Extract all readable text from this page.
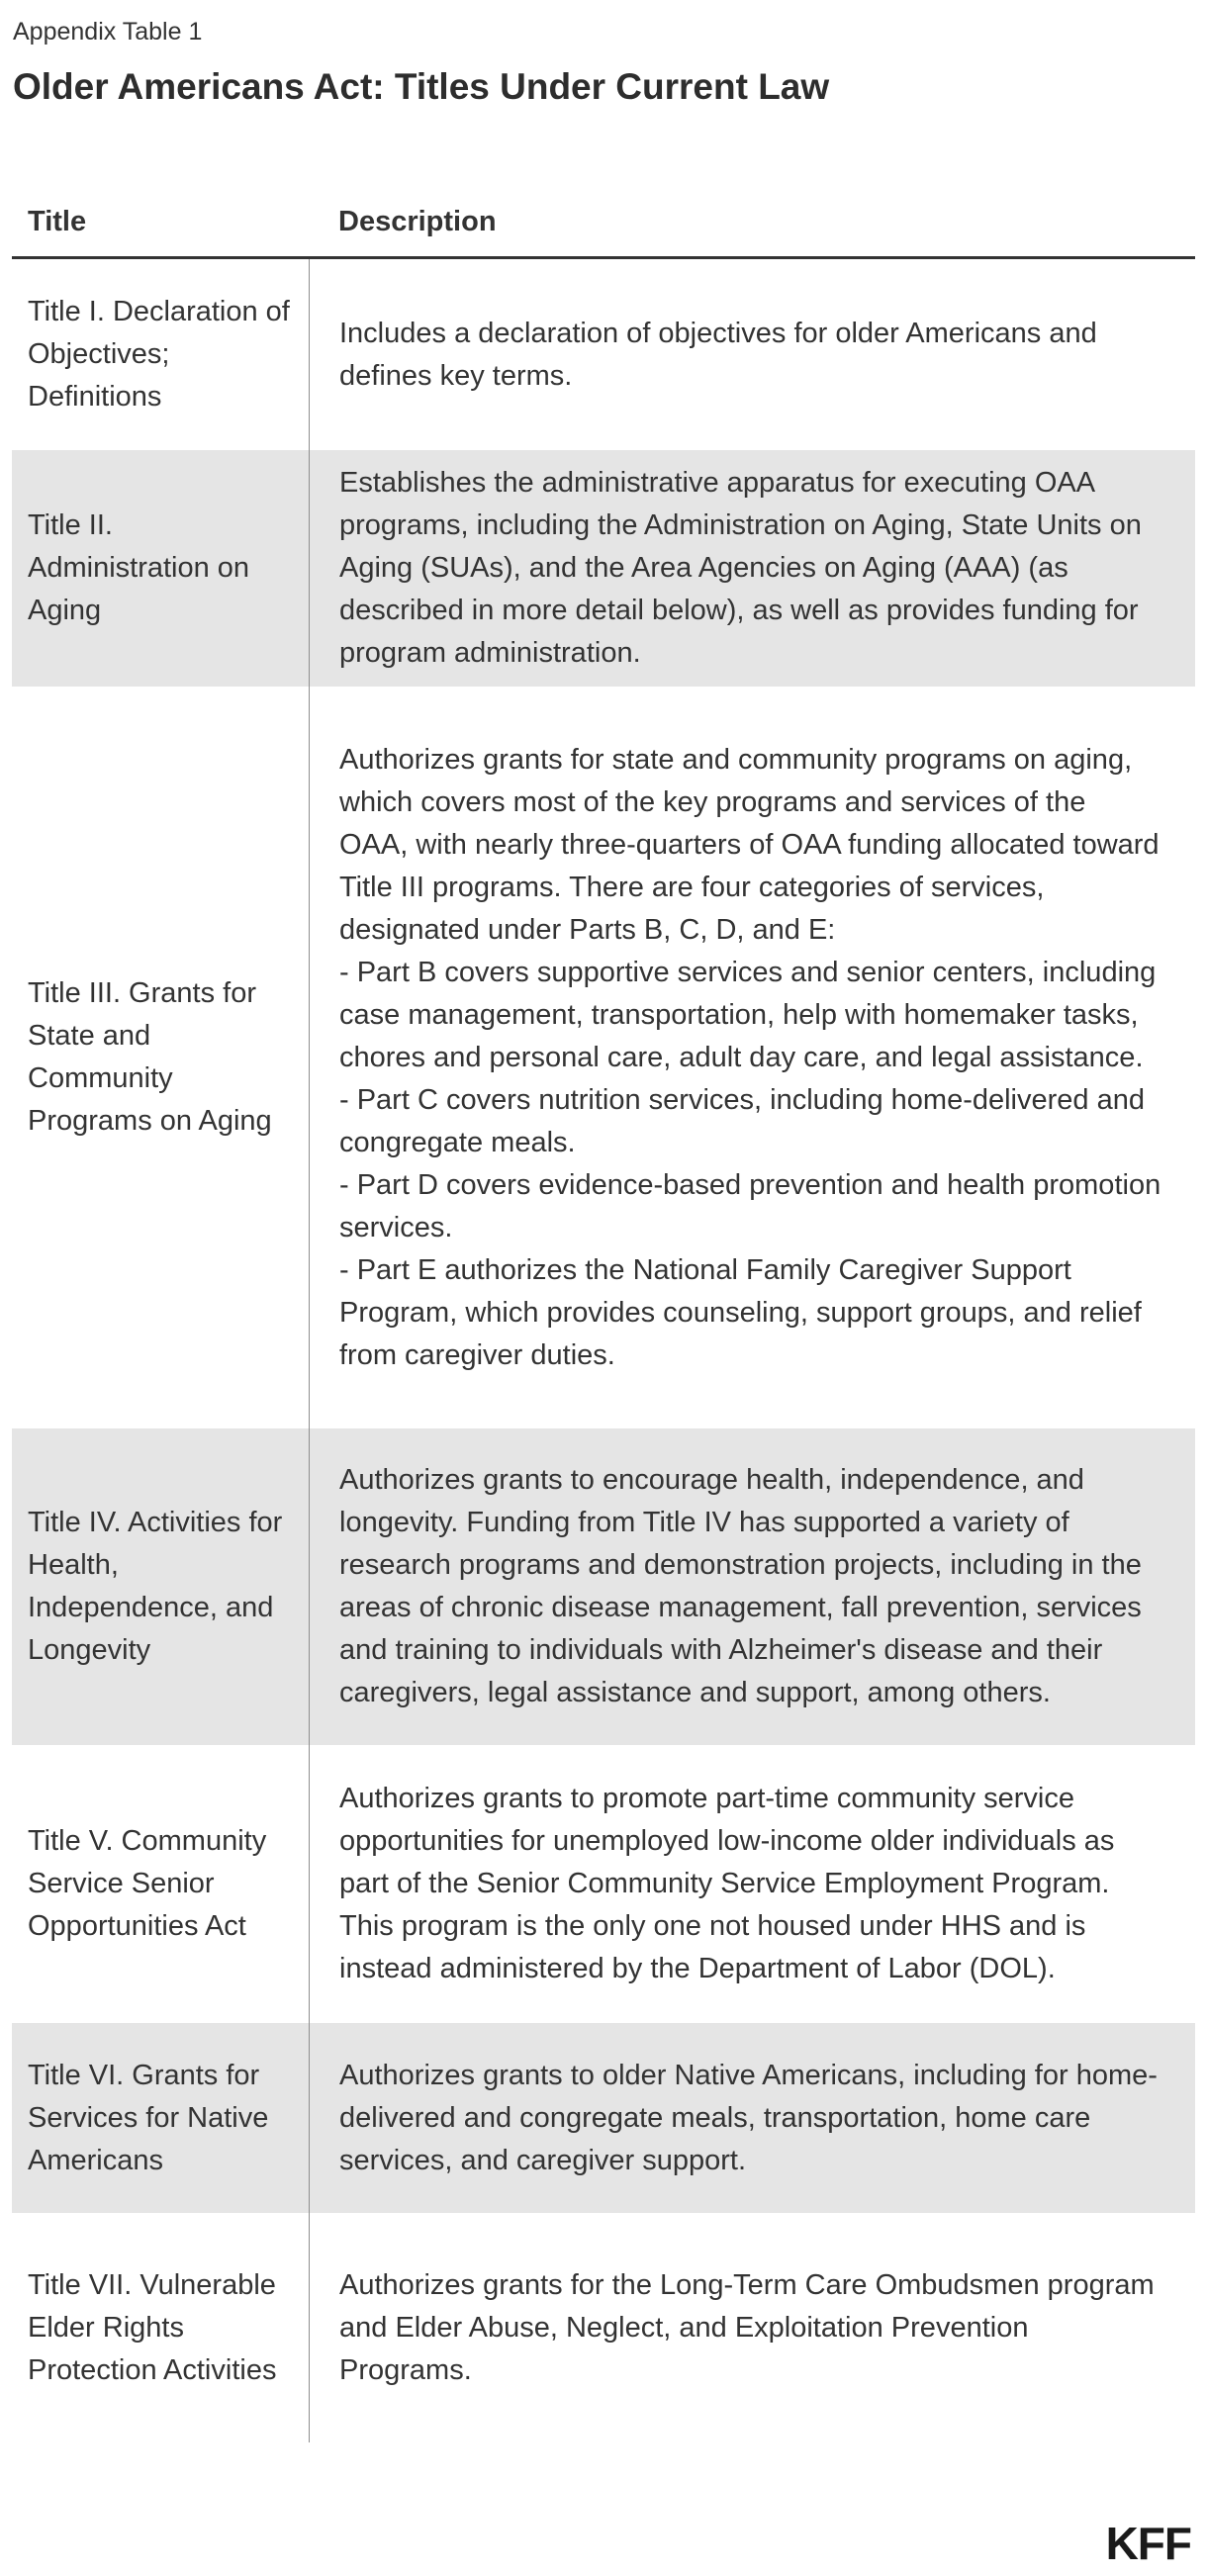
Appendix Table 1
Older Americans Act: Titles Under Current Law
Title	Description
Title I. Declaration of Objectives; Definitions
Includes a declaration of objectives for older Americans and defines key terms.
Title II. Administration on Aging
Establishes the administrative apparatus for executing OAA programs, including the Administration on Aging, State Units on Aging (SUAs), and the Area Agencies on Aging (AAA) (as described in more detail below), as well as provides funding for program administration.
Title III. Grants for State and Community Programs on Aging
Authorizes grants for state and community programs on aging, which covers most of the key programs and services of the OAA, with nearly three-quarters of OAA funding allocated toward Title III programs. There are four categories of services, designated under Parts B, C, D, and E:
- Part B covers supportive services and senior centers, including case management, transportation, help with homemaker tasks, chores and personal care, adult day care, and legal assistance.
- Part C covers nutrition services, including home-delivered and congregate meals.
- Part D covers evidence-based prevention and health promotion services.
- Part E authorizes the National Family Caregiver Support Program, which provides counseling, support groups, and relief from caregiver duties.
Title IV. Activities for Health, Independence, and Longevity
Authorizes grants to encourage health, independence, and longevity. Funding from Title IV has supported a variety of research programs and demonstration projects, including in the areas of chronic disease management, fall prevention, services and training to individuals with Alzheimer's disease and their caregivers, legal assistance and support, among others.
Title V. Community Service Senior Opportunities Act
Authorizes grants to promote part-time community service opportunities for unemployed low-income older individuals as part of the Senior Community Service Employment Program. This program is the only one not housed under HHS and is instead administered by the Department of Labor (DOL).
Title VI. Grants for Services for Native Americans
Authorizes grants to older Native Americans, including for home-delivered and congregate meals, transportation, home care services, and caregiver support.
Title VII. Vulnerable Elder Rights Protection Activities
Authorizes grants for the Long-Term Care Ombudsmen program and Elder Abuse, Neglect, and Exploitation Prevention Programs.
KFF
